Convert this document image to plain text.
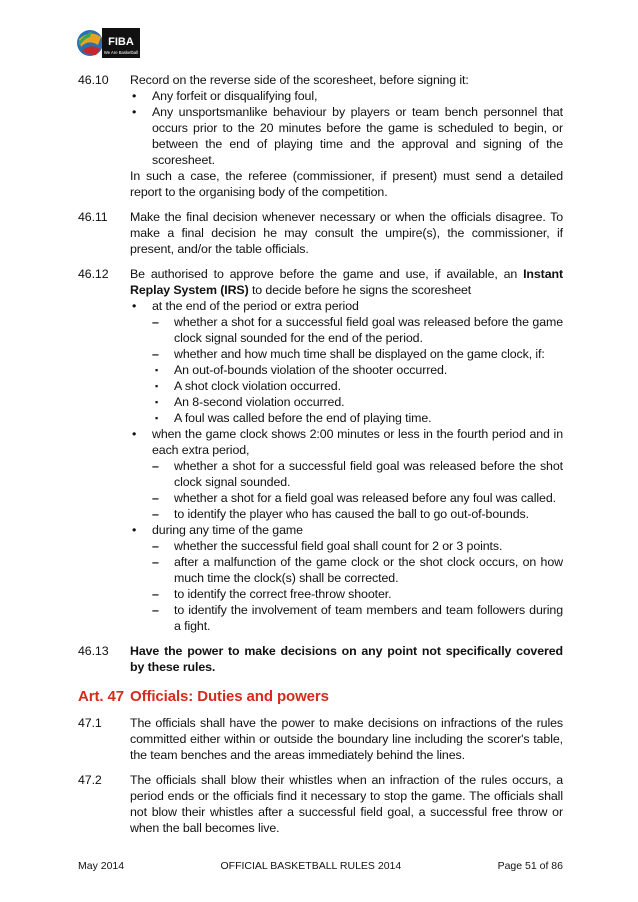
FIBA
We Are Basketball
46.10	Record on the reverse side of the scoresheet, before signing it:

• Any forfeit or disqualifying foul,
• Any unsportsmanlike behaviour by players or team bench personnel that occurs prior to the 20 minutes before the game is scheduled to begin, or between the end of playing time and the approval and signing of the scoresheet.

In such a case, the referee (commissioner, if present) must send a detailed report to the organising body of the competition.

46.11	Make the final decision whenever necessary or when the officials disagree. To make a final decision he may consult the umpire(s), the commissioner, if present, and/or the table officials.

46.12	Be authorised to approve before the game and use, if available, an Instant Replay System (IRS) to decide before he signs the scoresheet

• at the end of the period or extra period
– whether a shot for a successful field goal was released before the game clock signal sounded for the end of the period.
– whether and how much time shall be displayed on the game clock, if:
▪ An out-of-bounds violation of the shooter occurred.
▪ A shot clock violation occurred.
▪ An 8-second violation occurred.
▪ A foul was called before the end of playing time.
• when the game clock shows 2:00 minutes or less in the fourth period and in each extra period,
– whether a shot for a successful field goal was released before the shot clock signal sounded.
– whether a shot for a field goal was released before any foul was called.
– to identify the player who has caused the ball to go out-of-bounds.
• during any time of the game
– whether the successful field goal shall count for 2 or 3 points.
– after a malfunction of the game clock or the shot clock occurs, on how much time the clock(s) shall be corrected.
– to identify the correct free-throw shooter.
– to identify the involvement of team members and team followers during a fight.
46.13	Have the power to make decisions on any point not specifically covered by these rules.

Art. 47 Officials: Duties and powers
47.1	The officials shall have the power to make decisions on infractions of the rules committed either within or outside the boundary line including the scorer's table, the team benches and the areas immediately behind the lines.

47.2	The officials shall blow their whistles when an infraction of the rules occurs, a period ends or the officials find it necessary to stop the game. The officials shall not blow their whistles after a successful field goal, a successful free throw or when the ball becomes live.

May 2014	OFFICIAL BASKETBALL RULES 2014	Page 51 of 86
